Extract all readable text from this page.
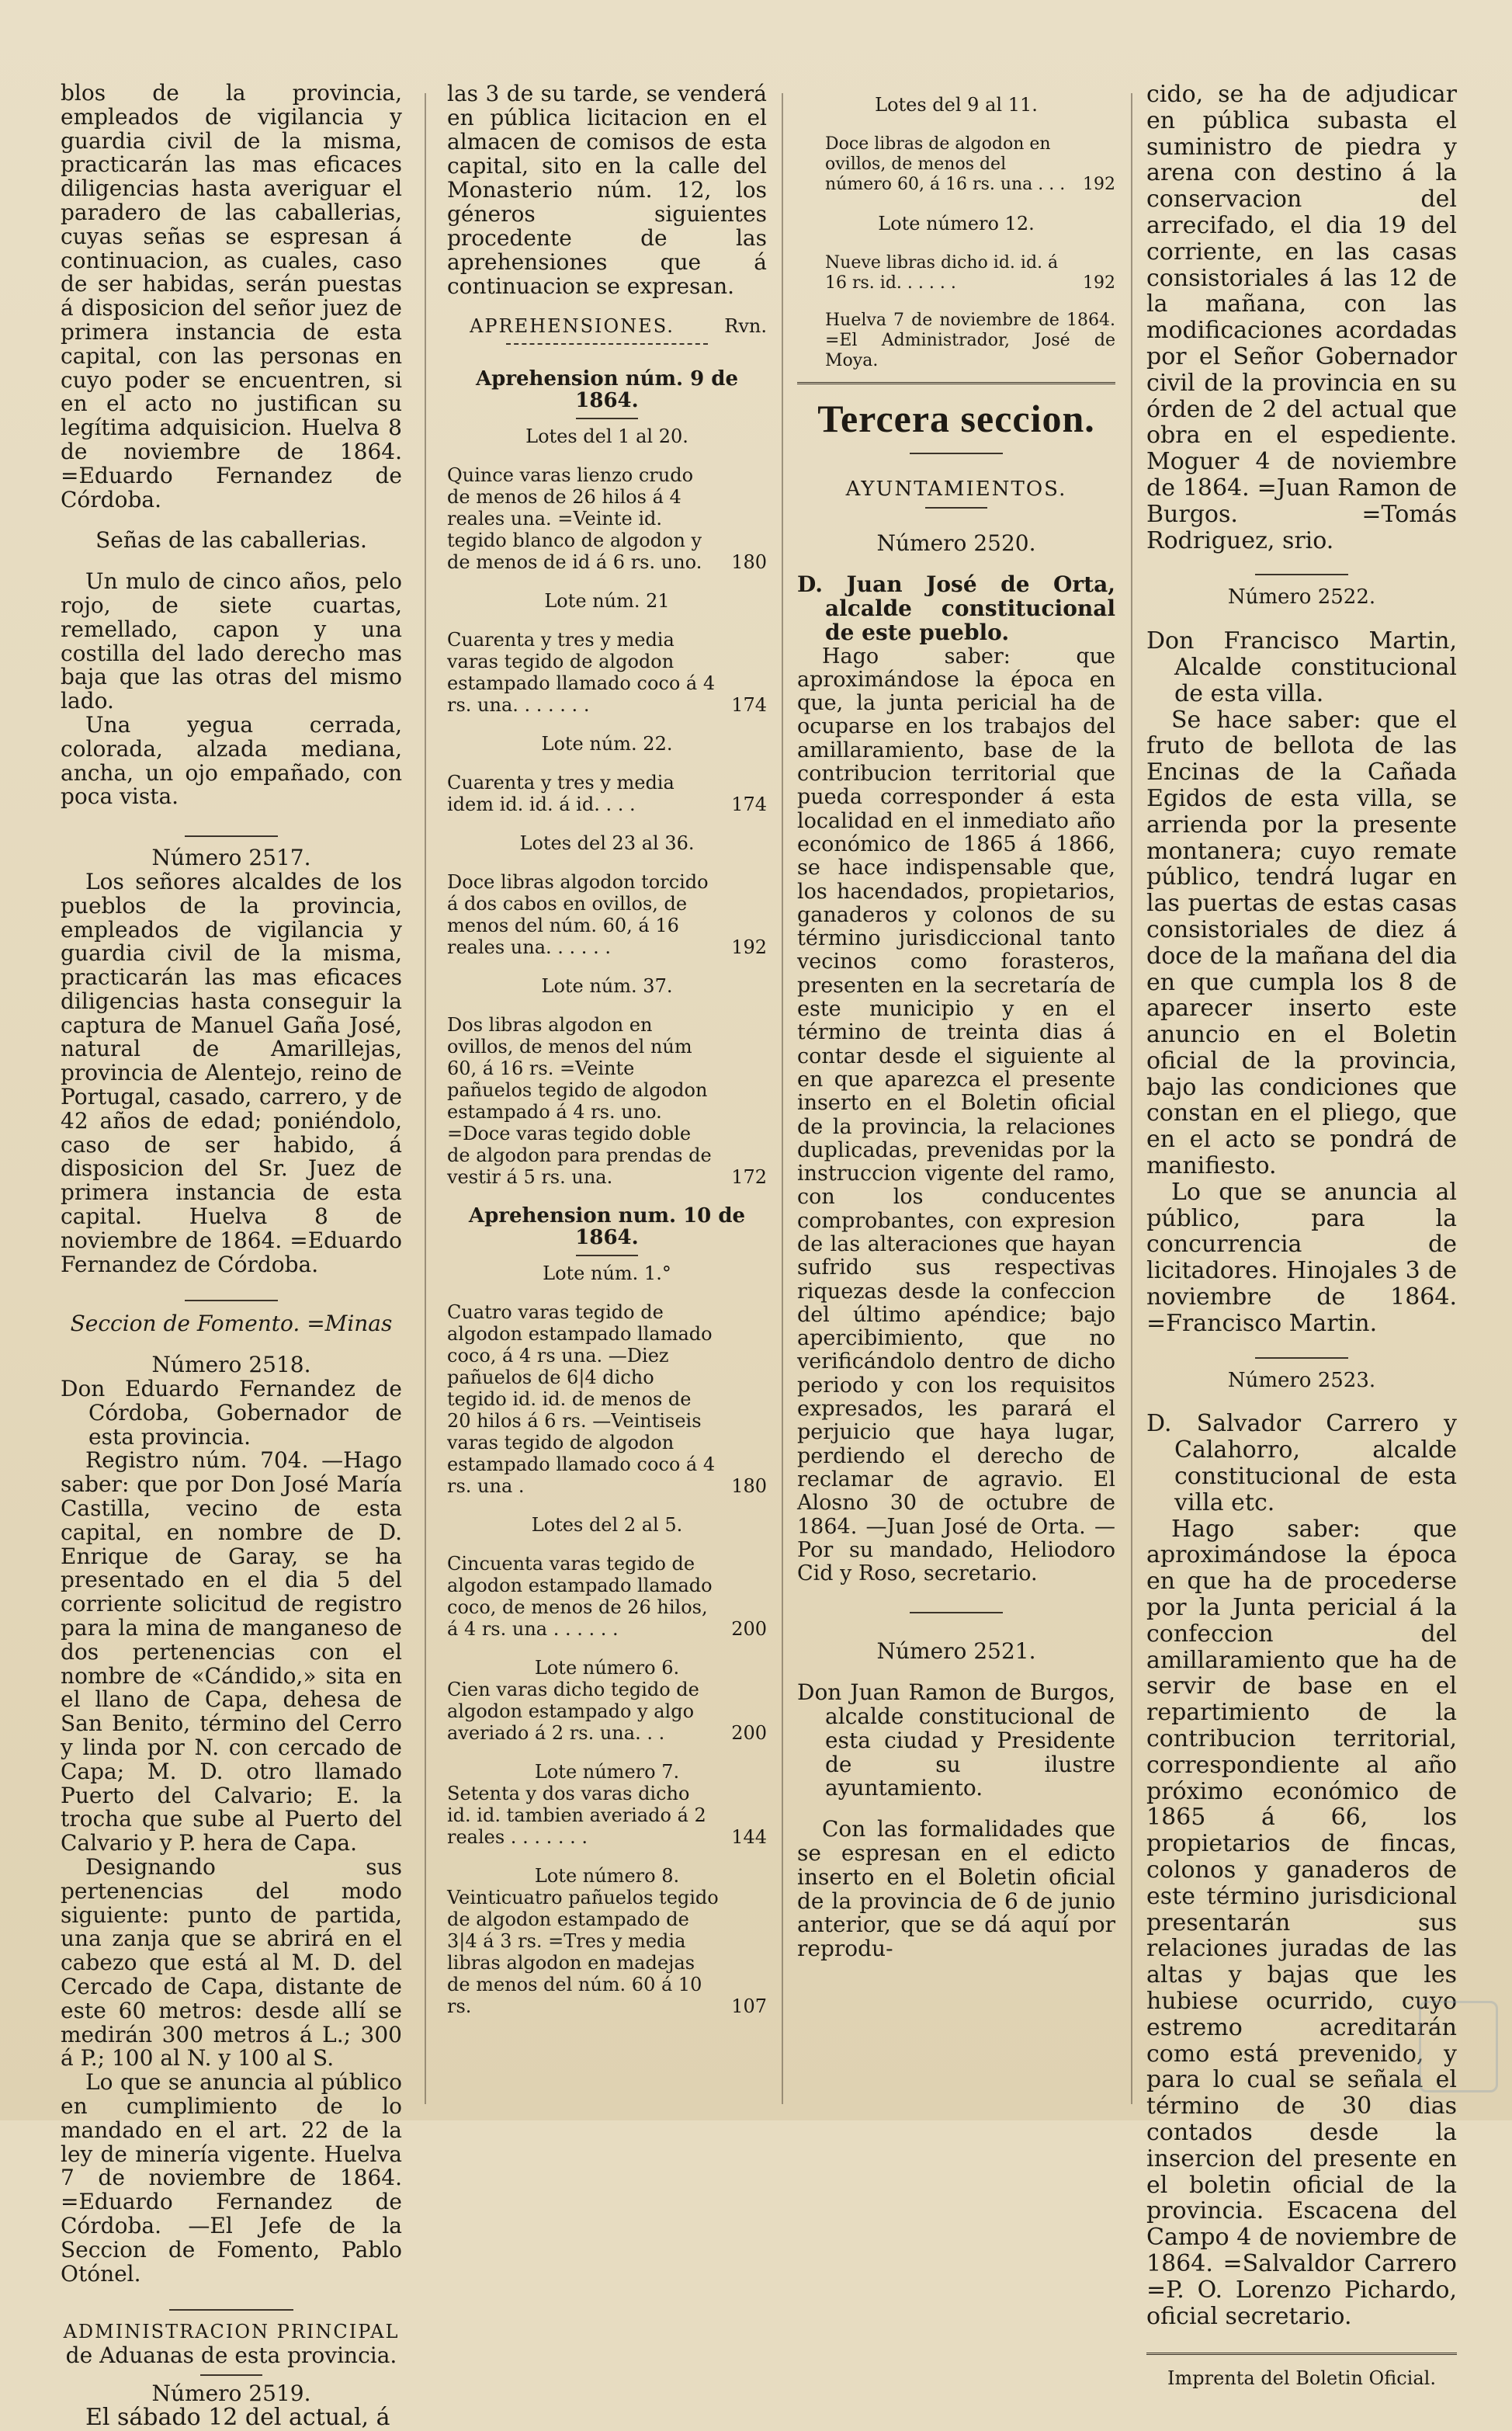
blos de la provincia, empleados de vigilancia y guardia civil de la misma, practicarán las mas eficaces diligencias hasta averiguar el paradero de las caballerias, cuyas señas se espresan á continuacion, as cuales, caso de ser habidas, serán puestas á disposicion del señor juez de primera instancia de esta capital, con las personas en cuyo poder se encuentren, si en el acto no justifican su legítima adquisicion. Huelva 8 de noviembre de 1864. =Eduardo Fernandez de Córdoba.

Señas de las caballerias.

Un mulo de cinco años, pelo rojo, de siete cuartas, remellado, capon y una costilla del lado derecho mas baja que las otras del mismo lado.

Una yegua cerrada, colorada, alzada mediana, ancha, un ojo empañado, con poca vista.

Número 2517.

Los señores alcaldes de los pueblos de la provincia, empleados de vigilancia y guardia civil de la misma, practicarán las mas eficaces diligencias hasta conseguir la captura de Manuel Gaña José, natural de Amarillejas, provincia de Alentejo, reino de Portugal, casado, carrero, y de 42 años de edad; poniéndolo, caso de ser habido, á disposicion del Sr. Juez de primera instancia de esta capital. Huelva 8 de noviembre de 1864. =Eduardo Fernandez de Córdoba.

Seccion de Fomento. =Minas

Número 2518.

Don Eduardo Fernandez de Córdoba, Gobernador de esta provincia.

Registro núm. 704. —Hago saber: que por Don José María Castilla, vecino de esta capital, en nombre de D. Enrique de Garay, se ha presentado en el dia 5 del corriente solicitud de registro para la mina de manganeso de dos pertenencias con el nombre de «Cándido,» sita en el llano de Capa, dehesa de San Benito, término del Cerro y linda por N. con cercado de Capa; M. D. otro llamado Puerto del Calvario; E. la trocha que sube al Puerto del Calvario y P. hera de Capa.

Designando sus pertenencias del modo siguiente: punto de partida, una zanja que se abrirá en el cabezo que está al M. D. del Cercado de Capa, distante de este 60 metros: desde allí se medirán 300 metros á L.; 300 á P.; 100 al N. y 100 al S.

Lo que se anuncia al público en cumplimiento de lo mandado en el art. 22 de la ley de minería vigente. Huelva 7 de noviembre de 1864. =Eduardo Fernandez de Córdoba. —El Jefe de la Seccion de Fomento, Pablo Otónel.

ADMINISTRACION PRINCIPAL

de Aduanas de esta provincia.

Número 2519.

El sábado 12 del actual, á

las 3 de su tarde, se venderá en pública licitacion en el almacen de comisos de esta capital, sito en la calle del Monasterio núm. 12, los géneros siguientes procedente de las aprehensiones que á continuacion se expresan.

APREHENSIONES.	Rvn.

Aprehension núm. 9 de 1864.

Lotes del 1 al 20.

Quince varas lienzo crudo de menos de 26 hilos á 4 reales una. =Veinte id. tegido blanco de algodon y de menos de id á 6 rs. uno.	180

Lote núm. 21

Cuarenta y tres y media varas tegido de algodon estampado llamado coco á 4 rs. una. . . . . . .	174

Lote núm. 22.

Cuarenta y tres y media idem id. id. á id. . . .	174

Lotes del 23 al 36.

Doce libras algodon torcido á dos cabos en ovillos, de menos del núm. 60, á 16 reales una. . . . . .	192

Lote núm. 37.

Dos libras algodon en ovillos, de menos del núm 60, á 16 rs. =Veinte pañuelos tegido de algodon estampado á 4 rs. uno. =Doce varas tegido doble de algodon para prendas de vestir á 5 rs. una.	172

Aprehension num. 10 de 1864.

Lote núm. 1.°

Cuatro varas tegido de algodon estampado llamado coco, á 4 rs una. —Diez pañuelos de 6|4 dicho tegido id. id. de menos de 20 hilos á 6 rs. —Veintiseis varas tegido de algodon estampado llamado coco á 4 rs. una .	180

Lotes del 2 al 5.

Cincuenta varas tegido de algodon estampado llamado coco, de menos de 26 hilos, á 4 rs. una . . . . . .	200

Lote número 6.

Cien varas dicho tegido de algodon estampado y algo averiado á 2 rs. una. . .	200

Lote número 7.

Setenta y dos varas dicho id. id. tambien averiado á 2 reales . . . . . . .	144

Lote número 8.

Veinticuatro pañuelos tegido de algodon estampado de 3|4 á 3 rs. =Tres y media libras algodon en madejas de menos del núm. 60 á 10 rs.	107

Lotes del 9 al 11.

Doce libras de algodon en ovillos, de menos del número 60, á 16 rs. una . . .	192

Lote número 12.

Nueve libras dicho id. id. á 16 rs. id. . . . . .	192

Huelva 7 de noviembre de 1864. =El Administrador, José de Moya.

Tercera seccion.

AYUNTAMIENTOS.

Número 2520.

D. Juan José de Orta, alcalde constitucional de este pueblo.

Hago saber: que aproximándose la época en que, la junta pericial ha de ocuparse en los trabajos del amillaramiento, base de la contribucion territorial que pueda corresponder á esta localidad en el inmediato año económico de 1865 á 1866, se hace indispensable que, los hacendados, propietarios, ganaderos y colonos de su término jurisdiccional tanto vecinos como forasteros, presenten en la secretaría de este municipio y en el término de treinta dias á contar desde el siguiente al en que aparezca el presente inserto en el Boletin oficial de la provincia, la relaciones duplicadas, prevenidas por la instruccion vigente del ramo, con los conducentes comprobantes, con expresion de las alteraciones que hayan sufrido sus respectivas riquezas desde la confeccion del último apéndice; bajo apercibimiento, que no verificándolo dentro de dicho periodo y con los requisitos expresados, les parará el perjuicio que haya lugar, perdiendo el derecho de reclamar de agravio. El Alosno 30 de octubre de 1864. —Juan José de Orta. —Por su mandado, Heliodoro Cid y Roso, secretario.

Número 2521.

Don Juan Ramon de Burgos, alcalde constitucional de esta ciudad y Presidente de su ilustre ayuntamiento.

Con las formalidades que se espresan en el edicto inserto en el Boletin oficial de la provincia de 6 de junio anterior, que se dá aquí por reprodu-

cido, se ha de adjudicar en pública subasta el suministro de piedra y arena con destino á la conservacion del arrecifado, el dia 19 del corriente, en las casas consistoriales á las 12 de la mañana, con las modificaciones acordadas por el Señor Gobernador civil de la provincia en su órden de 2 del actual que obra en el espediente. Moguer 4 de noviembre de 1864. =Juan Ramon de Burgos. =Tomás Rodriguez, srio.

Número 2522.

Don Francisco Martin, Alcalde constitucional de esta villa.

Se hace saber: que el fruto de bellota de las Encinas de la Cañada Egidos de esta villa, se arrienda por la presente montanera; cuyo remate público, tendrá lugar en las puertas de estas casas consistoriales de diez á doce de la mañana del dia en que cumpla los 8 de aparecer inserto este anuncio en el Boletin oficial de la provincia, bajo las condiciones que constan en el pliego, que en el acto se pondrá de manifiesto.

Lo que se anuncia al público, para la concurrencia de licitadores. Hinojales 3 de noviembre de 1864. =Francisco Martin.

Número 2523.

D. Salvador Carrero y Calahorro, alcalde constitucional de esta villa etc.

Hago saber: que aproximándose la época en que ha de procederse por la Junta pericial á la confeccion del amillaramiento que ha de servir de base en el repartimiento de la contribucion territorial, correspondiente al año próximo económico de 1865 á 66, los propietarios de fincas, colonos y ganaderos de este término jurisdicional presentarán sus relaciones juradas de las altas y bajas que les hubiese ocurrido, cuyo estremo acreditarán como está prevenido, y para lo cual se señala el término de 30 dias contados desde la insercion del presente en el boletin oficial de la provincia. Escacena del Campo 4 de noviembre de 1864. =Salvaldor Carrero =P. O. Lorenzo Pichardo, oficial secretario.

Imprenta del Boletin Oficial.
